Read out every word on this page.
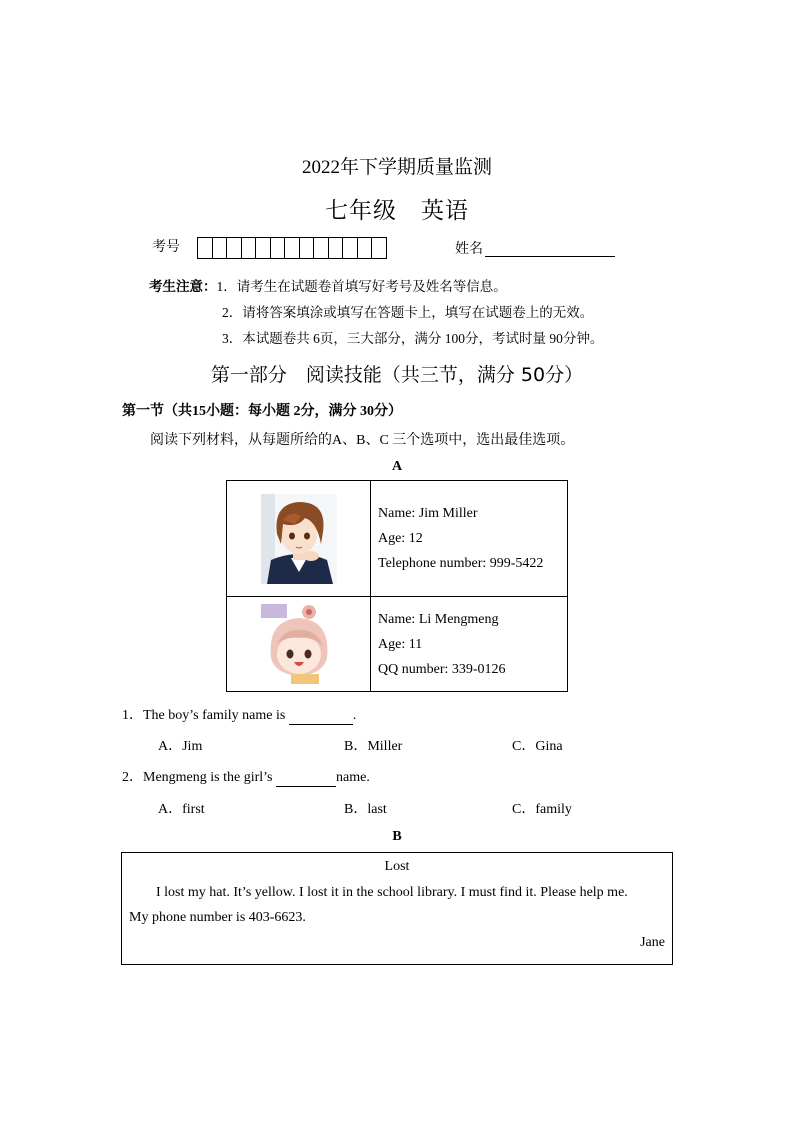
2022年下学期质量监测
七年级　英语
考号	姓名
考生注意：1．请考生在试题卷首填写好考号及姓名等信息。
2．请将答案填涂或填写在答题卡上，填写在试题卷上的无效。
3．本试题卷共 6页，三大部分，满分 100分，考试时量 90分钟。
第一部分　阅读技能（共三节，满分 50分）
第一节（共15小题：每小题 2分，满分 30分）
阅读下列材料，从每题所给的A、B、C 三个选项中，选出最佳选项。
A

Name: Jim Miller
Age: 12
Telephone number: 999-5422

Name: Li Mengmeng
Age: 11
QQ number: 339-0126
1．The boy’s family name is	.
A．Jim	B．Miller	C．Gina
2．Mengmeng is the girl’s	name.
A．first	B．last	C．family
B
Lost
I lost my hat. It’s yellow. I lost it in the school library. I must find it. Please help me.
My phone number is 403-6623.
Jane
